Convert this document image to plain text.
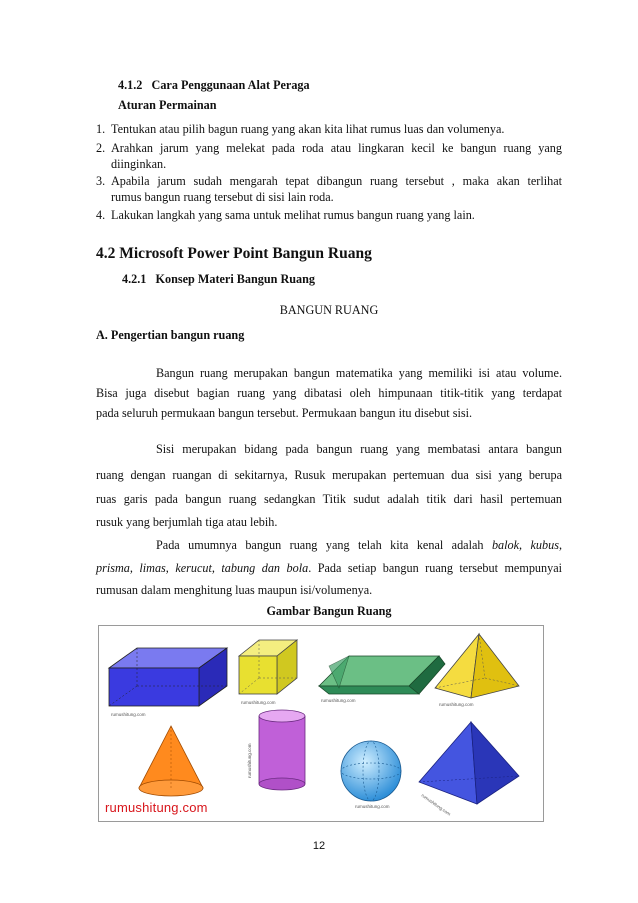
4.1.2 Cara Penggunaan Alat Peraga
Aturan Permainan
1. Tentukan atau pilih bagun ruang yang akan kita lihat rumus luas dan volumenya.
2. Arahkan jarum yang melekat pada roda atau lingkaran kecil ke bangun ruang yang
diinginkan.
3. Apabila jarum sudah mengarah tepat dibangun ruang tersebut , maka akan terlihat
rumus bangun ruang tersebut di sisi lain roda.
4. Lakukan langkah yang sama untuk melihat rumus bangun ruang yang lain.
4.2 Microsoft Power Point Bangun Ruang
4.2.1 Konsep Materi Bangun Ruang
BANGUN RUANG
A. Pengertian bangun ruang
Bangun ruang merupakan bangun matematika yang memiliki isi atau volume.
Bisa juga disebut bagian ruang yang dibatasi oleh himpunaan titik-titik yang terdapat
pada seluruh permukaan bangun tersebut. Permukaan bangun itu disebut sisi.
Sisi merupakan bidang pada bangun ruang yang membatasi antara bangun
ruang dengan ruangan di sekitarnya, Rusuk merupakan pertemuan dua sisi yang berupa
ruas garis pada bangun ruang sedangkan Titik sudut adalah titik dari hasil pertemuan
rusuk yang berjumlah tiga atau lebih.
Pada umumnya bangun ruang yang telah kita kenal adalah balok, kubus,
prisma, limas, kerucut, tabung dan bola. Pada setiap bangun ruang tersebut mempunyai
rumusan dalam menghitung luas maupun isi/volumenya.
Gambar Bangun Ruang
rumushitung.com
rumushitung.com	rumushitung.com
rumushitung.com
rumushitung.com
rumushitung.com	rumushitung.com
rumushitung.com
12
